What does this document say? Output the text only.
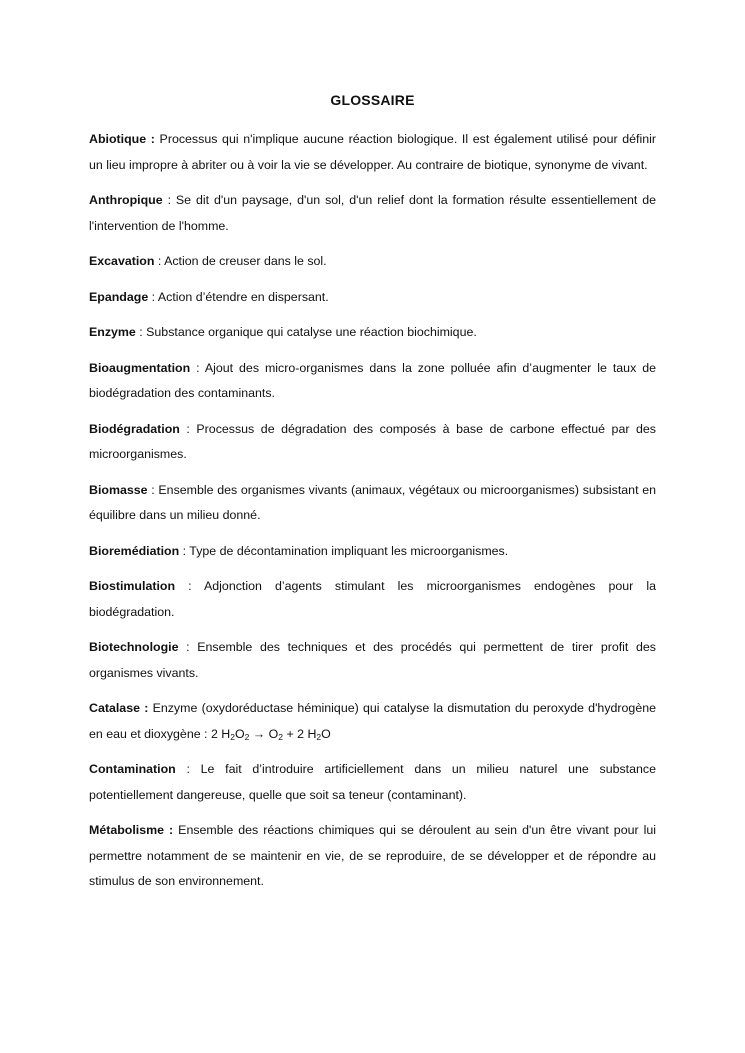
GLOSSAIRE

Abiotique : Processus qui n'implique aucune réaction biologique. Il est également utilisé pour définir un lieu impropre à abriter ou à voir la vie se développer. Au contraire de biotique, synonyme de vivant.

Anthropique : Se dit d'un paysage, d'un sol, d'un relief dont la formation résulte essentiellement de l'intervention de l'homme.

Excavation : Action de creuser dans le sol.

Epandage : Action d’étendre en dispersant.

Enzyme : Substance organique qui catalyse une réaction biochimique.

Bioaugmentation : Ajout des micro-organismes dans la zone polluée afin d’augmenter le taux de biodégradation des contaminants.

Biodégradation : Processus de dégradation des composés à base de carbone effectué par des microorganismes.

Biomasse : Ensemble des organismes vivants (animaux, végétaux ou microorganismes) subsistant en équilibre dans un milieu donné.

Bioremédiation : Type de décontamination impliquant les microorganismes.

Biostimulation : Adjonction d’agents stimulant les microorganismes endogènes pour la biodégradation.

Biotechnologie : Ensemble des techniques et des procédés qui permettent de tirer profit des organismes vivants.

Catalase : Enzyme (oxydoréductase héminique) qui catalyse la dismutation du peroxyde d'hydrogène en eau et dioxygène : 2 $H_2O_2 \to O_2 + 2$ $H_2O$

Contamination : Le fait d’introduire artificiellement dans un milieu naturel une substance potentiellement dangereuse, quelle que soit sa teneur (contaminant).

Métabolisme : Ensemble des réactions chimiques qui se déroulent au sein d'un être vivant pour lui permettre notamment de se maintenir en vie, de se reproduire, de se développer et de répondre au stimulus de son environnement.
